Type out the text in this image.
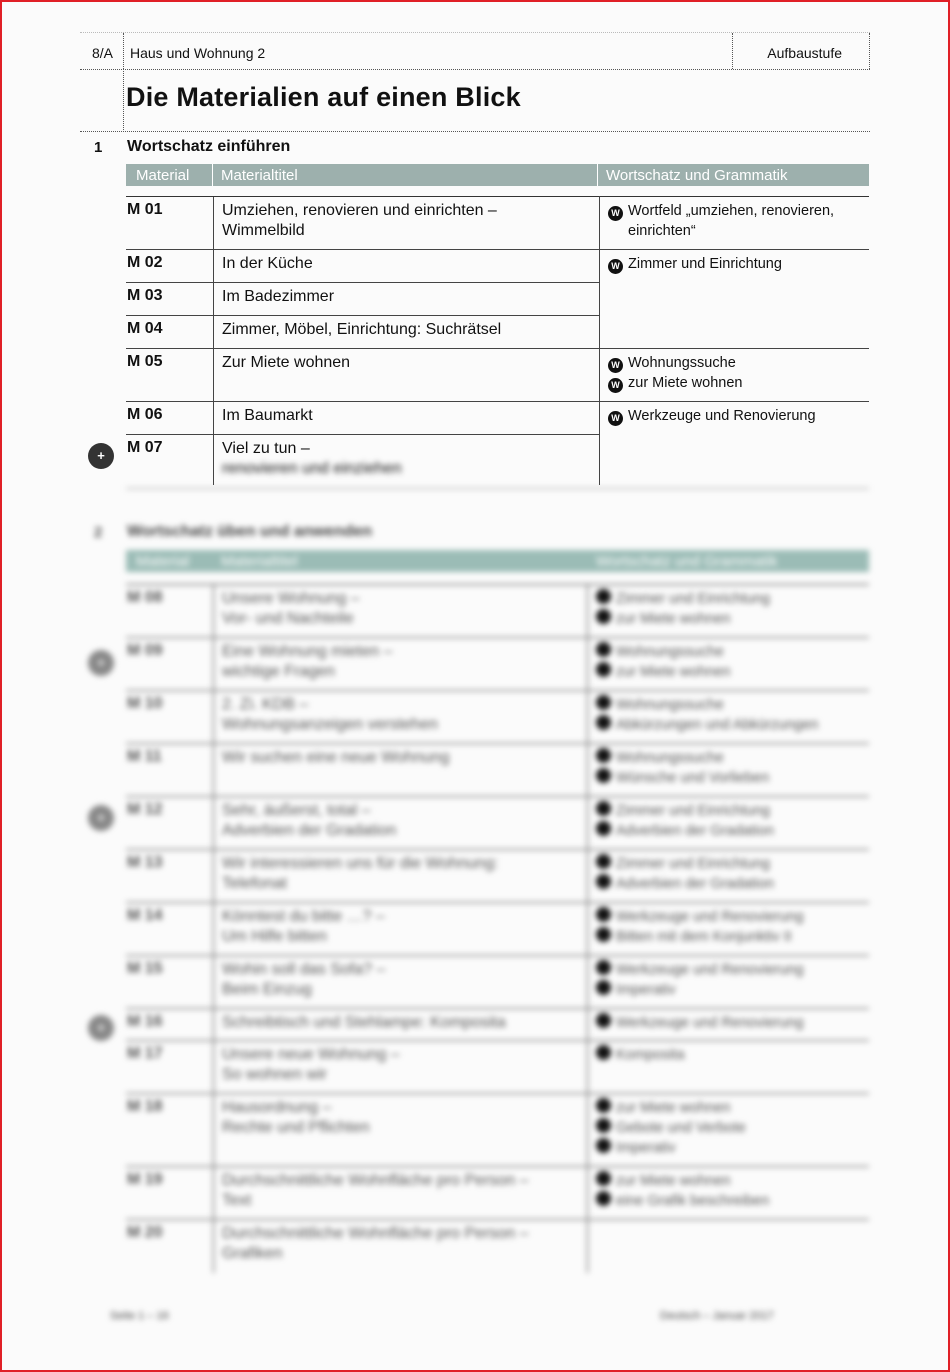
8/A Haus und Wohnung 2	Aufbaustufe
Die Materialien auf einen Blick
1 Wortschatz einführen
Material Materialtitel	Wortschatz und Grammatik
M 01	Umziehen, renovieren und einrichten –
Wimmelbild	W Wortfeld „umziehen, renovieren,
einrichten“

M 02	In der Küche	W Zimmer und Einrichtung

M 03	Im Badezimmer	
M 04	Zimmer, Möbel, Einrichtung: Suchrätsel	
M 05	Zur Miete wohnen	W Wohnungssuche
W zur Miete wohnen

M 06	Im Baumarkt	W Werkzeuge und Renovierung

M 07	Viel zu tun –
renovieren und einziehen	
+
2 Wortschatz üben und anwenden
Material Materialtitel	Wortschatz und Grammatik
M 08	Unsere Wohnung –
Vor- und Nachteile	Zimmer und Einrichtung
zur Miete wohnen

M 09	Eine Wohnung mieten –
wichtige Fragen	Wohnungssuche
zur Miete wohnen

M 10	2. Zi. KDB –
Wohnungsanzeigen verstehen	Wohnungssuche
Abkürzungen und Abkürzungen

M 11	Wir suchen eine neue Wohnung	Wohnungssuche
Wünsche und Vorlieben

M 12	Sehr, äußerst, total –
Adverbien der Gradation	Zimmer und Einrichtung
Adverbien der Gradation

M 13	Wir interessieren uns für die Wohnung:
Telefonat	Zimmer und Einrichtung
Adverbien der Gradation

M 14	Könntest du bitte …? –
Um Hilfe bitten	Werkzeuge und Renovierung
Bitten mit dem Konjunktiv II

M 15	Wohin soll das Sofa? –
Beim Einzug	Werkzeuge und Renovierung
Imperativ

M 16	Schreibtisch und Stehlampe: Komposita	Werkzeuge und Renovierung

M 17	Unsere neue Wohnung –
So wohnen wir	Komposita

M 18	Hausordnung –
Rechte und Pflichten	zur Miete wohnen
Gebote und Verbote
Imperativ

M 19	Durchschnittliche Wohnfläche pro Person –
Text	zur Miete wohnen
eine Grafik beschreiben

M 20	Durchschnittliche Wohnfläche pro Person –
Grafiken	

+
+
+
Seite 1 – 16	Deutsch – Januar 2017
